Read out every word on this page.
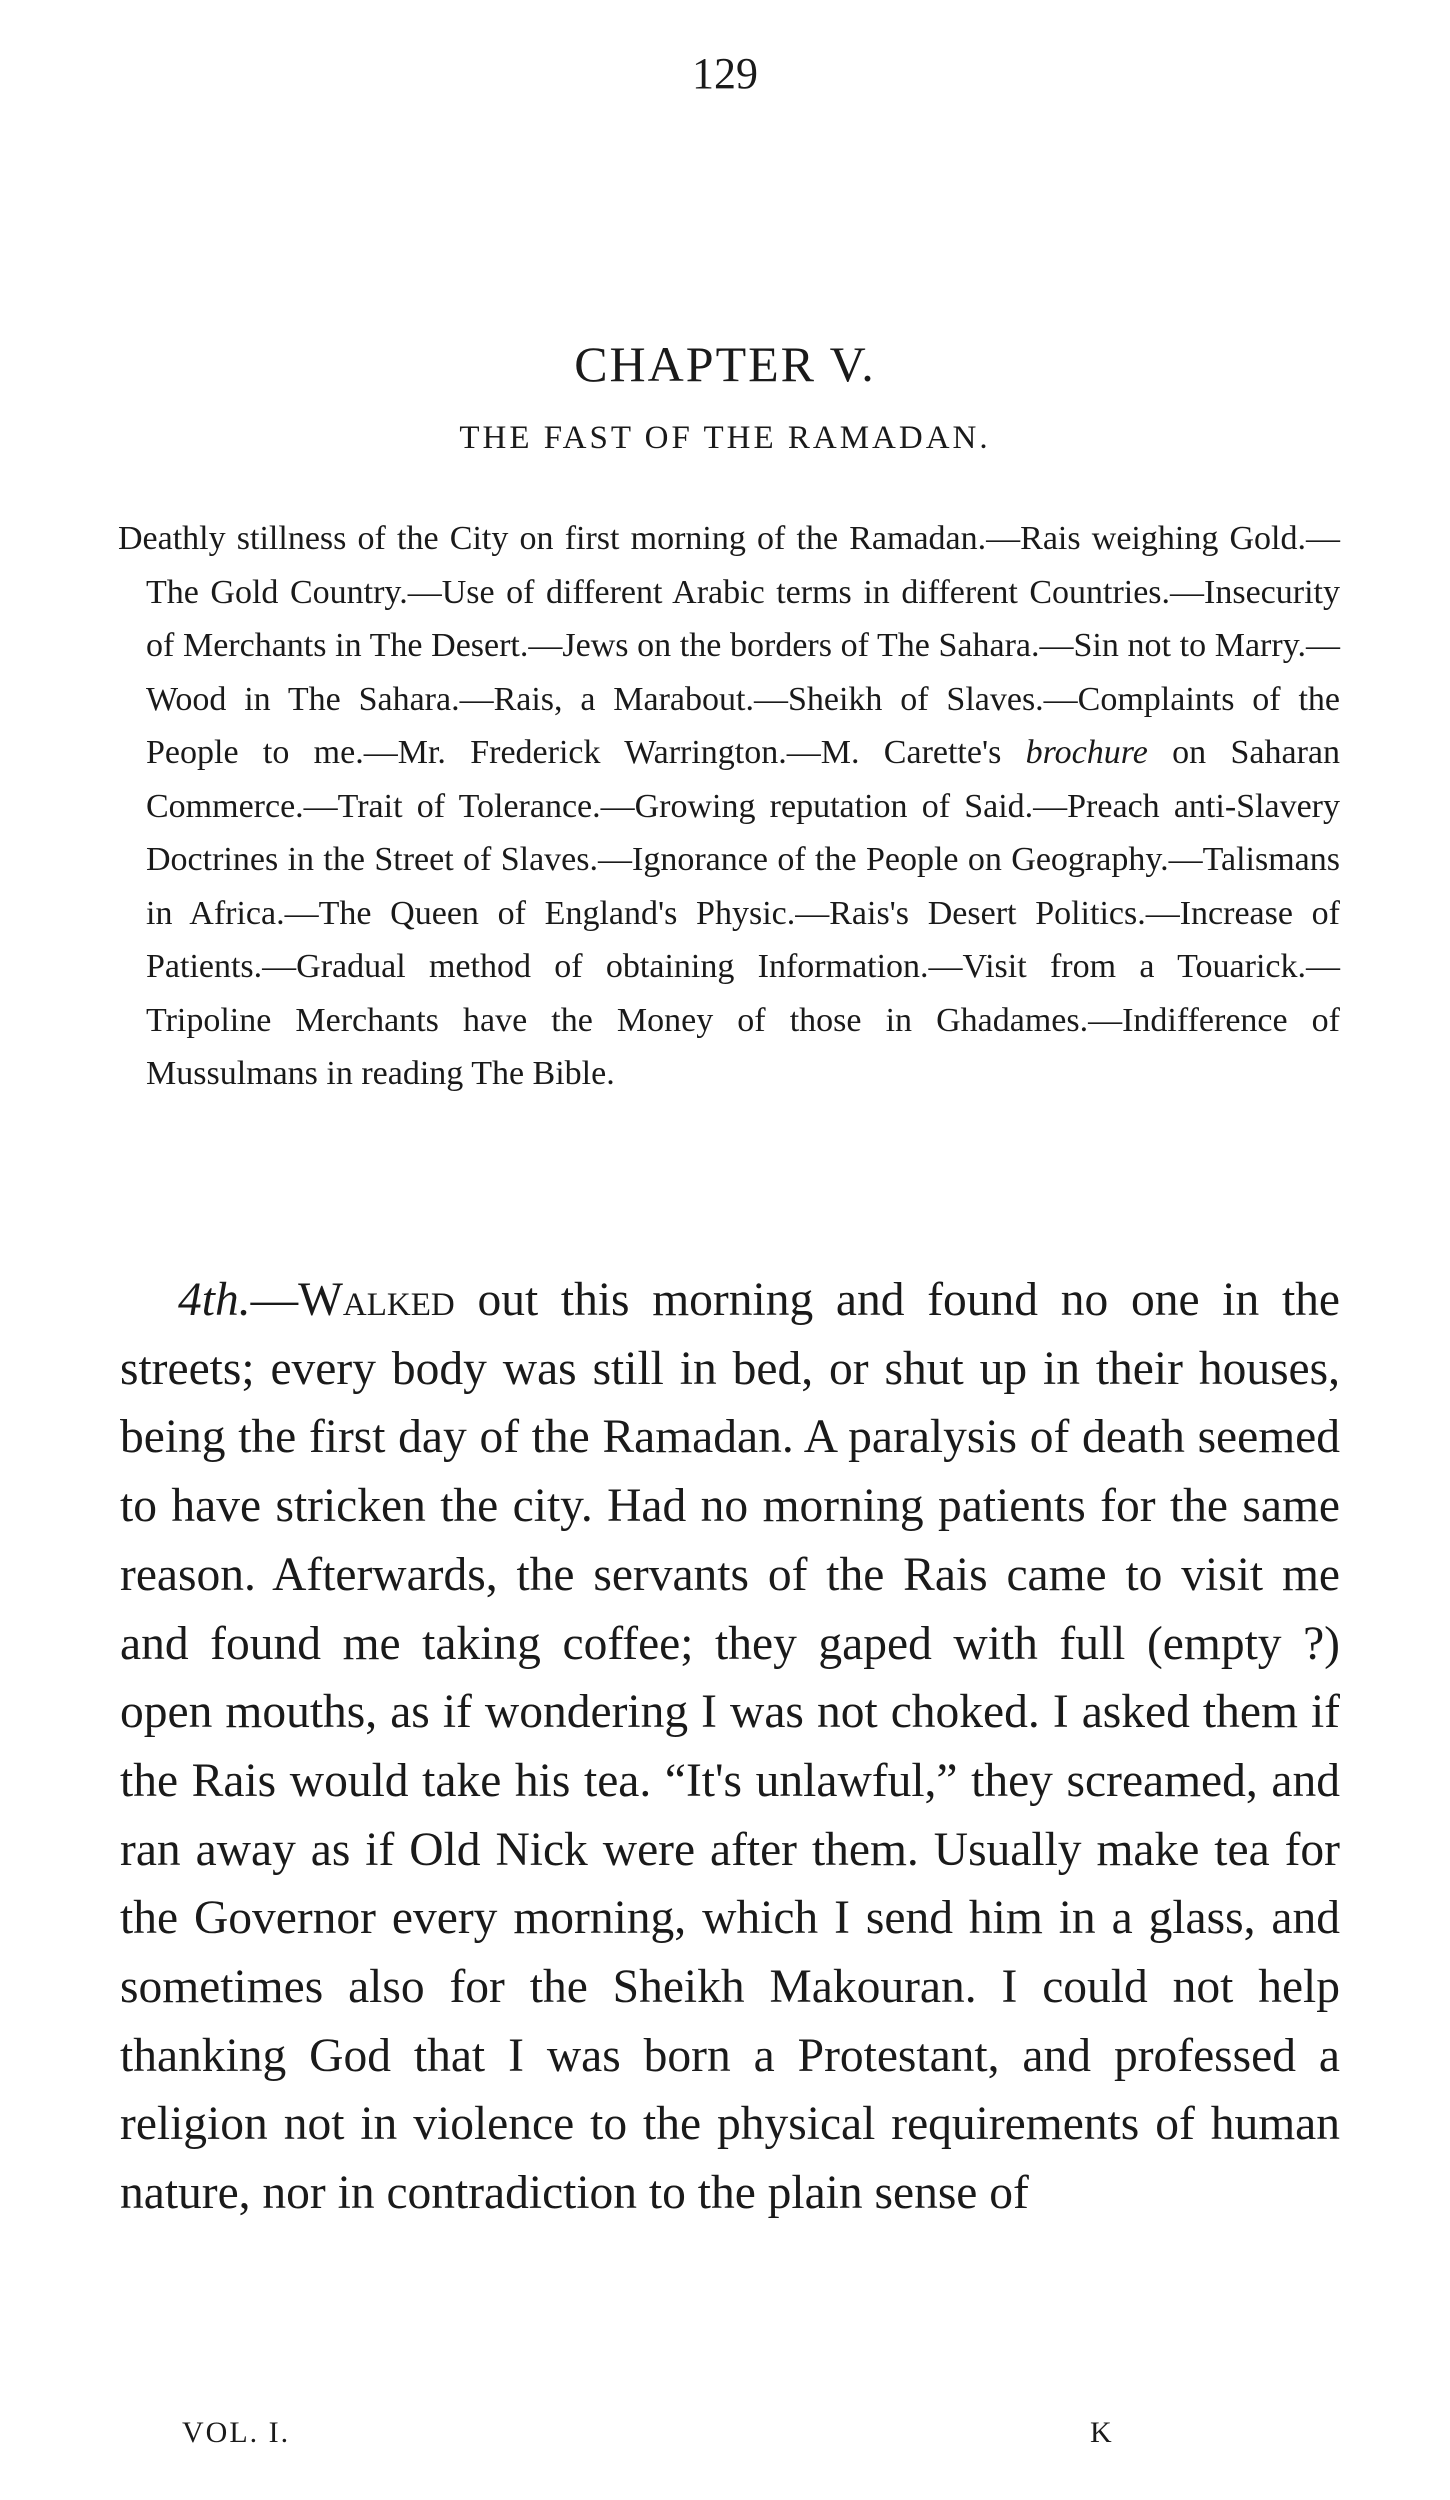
129
CHAPTER V.
THE FAST OF THE RAMADAN.
Deathly stillness of the City on first morning of the Ramadan.—Rais weighing Gold.—The Gold Country.—Use of different Arabic terms in different Countries.—Insecurity of Merchants in The Desert.—Jews on the borders of The Sahara.—Sin not to Marry.—Wood in The Sahara.—Rais, a Marabout.—Sheikh of Slaves.—Complaints of the People to me.—Mr. Frederick Warrington.—M. Carette's brochure on Saharan Commerce.—Trait of Tolerance.—Growing reputation of Said.—Preach anti-Slavery Doctrines in the Street of Slaves.—Ignorance of the People on Geography.—Talismans in Africa.—The Queen of England's Physic.—Rais's Desert Politics.—Increase of Patients.—Gradual method of obtaining Information.—Visit from a Touarick.—Tripoline Merchants have the Money of those in Ghadames.—Indifference of Mussulmans in reading The Bible.
4th.—Walked out this morning and found no one in the streets; every body was still in bed, or shut up in their houses, being the first day of the Ramadan. A paralysis of death seemed to have stricken the city. Had no morning patients for the same reason. Afterwards, the servants of the Rais came to visit me and found me taking coffee; they gaped with full (empty ?) open mouths, as if wondering I was not choked. I asked them if the Rais would take his tea. “It's unlawful,” they screamed, and ran away as if Old Nick were after them. Usually make tea for the Governor every morning, which I send him in a glass, and sometimes also for the Sheikh Makouran. I could not help thanking God that I was born a Protestant, and professed a religion not in violence to the physical requirements of human nature, nor in contradiction to the plain sense of
VOL. I.	K
